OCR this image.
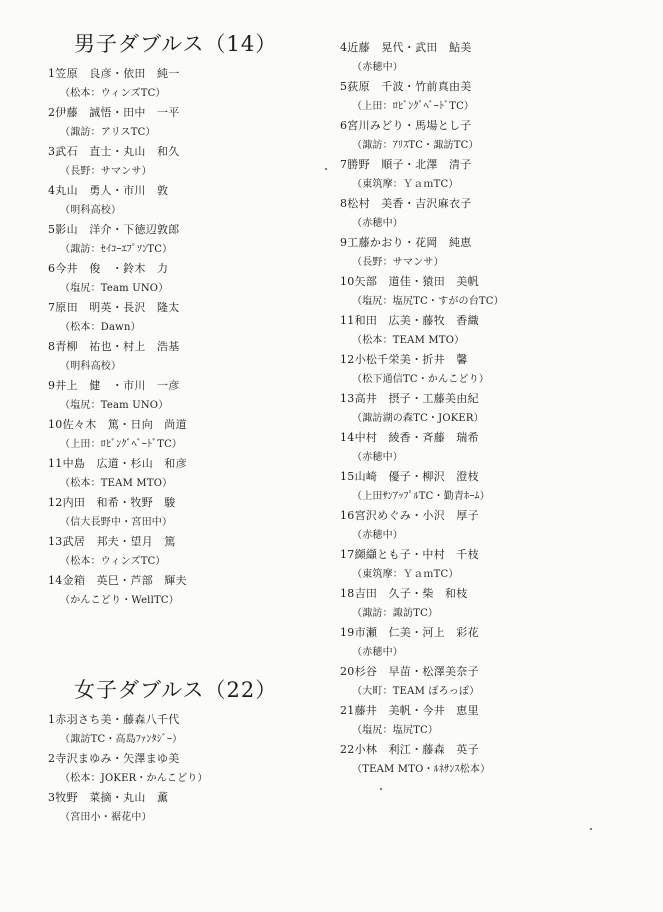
男子ダブルス（14）
1笠原　良彦・依田　純一
（松本：ウィンズTC）
2伊藤　誠悟・田中　一平
（諏訪：アリスTC）
3武石　直士・丸山　和久
（長野：サマンサ）
4丸山　勇人・市川　敦
（明科高校）
5影山　洋介・下徳辺敦郎
（諏訪：ｾｲｺｰｴﾌﾟｿﾝTC）
6今井　俊　・鈴木　力
（塩尻：Team UNO）
7原田　明英・長沢　隆太
（松本：Dawn）
8青柳　祐也・村上　浩基
（明科高校）
9井上　健　・市川　一彦
（塩尻：Team UNO）
10佐々木　篤・日向　尚道
（上田：ﾛﾋﾞﾝｸﾞﾍﾞｰﾄﾞTC）
11中島　広道・杉山　和彦
（松本：TEAM MTO）
12内田　和希・牧野　駿
（信大長野中・宮田中）
13武居　邦夫・望月　篤
（松本：ウィンズTC）
14金箱　英巳・芦部　輝夫
（かんこどり・WellTC）
女子ダブルス（22）
1赤羽さち美・藤森八千代
（諏訪TC・高島ﾌｧﾝﾀｼﾞｰ）
2寺沢まゆみ・矢澤まゆ美
（松本：JOKER・かんこどり）
3牧野　菜摘・丸山　薫
（宮田小・裾花中）
4近藤　晃代・武田　鮎美
（赤穂中）
5荻原　千波・竹前真由美
（上田：ﾛﾋﾞﾝｸﾞﾍﾞｰﾄﾞTC）
6宮川みどり・馬場とし子
（諏訪：ｱﾘｽTC・諏訪TC）
7勝野　順子・北澤　清子
（東筑摩：ＹａｍTC）
8松村　美香・吉沢麻衣子
（赤穂中）
9工藤かおり・花岡　純恵
（長野：サマンサ）
10矢部　道佳・猿田　美帆
（塩尻：塩尻TC・すがの台TC）
11和田　広美・藤牧　香織
（松本：TEAM MTO）
12小松千栄美・折井　馨
（松下通信TC・かんこどり）
13高井　摂子・工藤美由紀
（諏訪湖の森TC・JOKER）
14中村　綾香・斉藤　瑞希
（赤穂中）
15山崎　優子・柳沢　澄枝
（上田ｻﾝｱｯﾌﾟﾙTC・勤青ﾎｰﾑ）
16宮沢めぐみ・小沢　厚子
（赤穂中）
17纐纈とも子・中村　千枝
（東筑摩：ＹａｍTC）
18吉田　久子・柴　和枝
（諏訪：諏訪TC）
19市瀬　仁美・河上　彩花
（赤穂中）
20杉谷　早苗・松澤美奈子
（大町：TEAM ぽろっぽ）
21藤井　美帆・今井　恵里
（塩尻：塩尻TC）
22小林　利江・藤森　英子
（TEAM MTO・ﾙﾈｻﾝｽ松本）
